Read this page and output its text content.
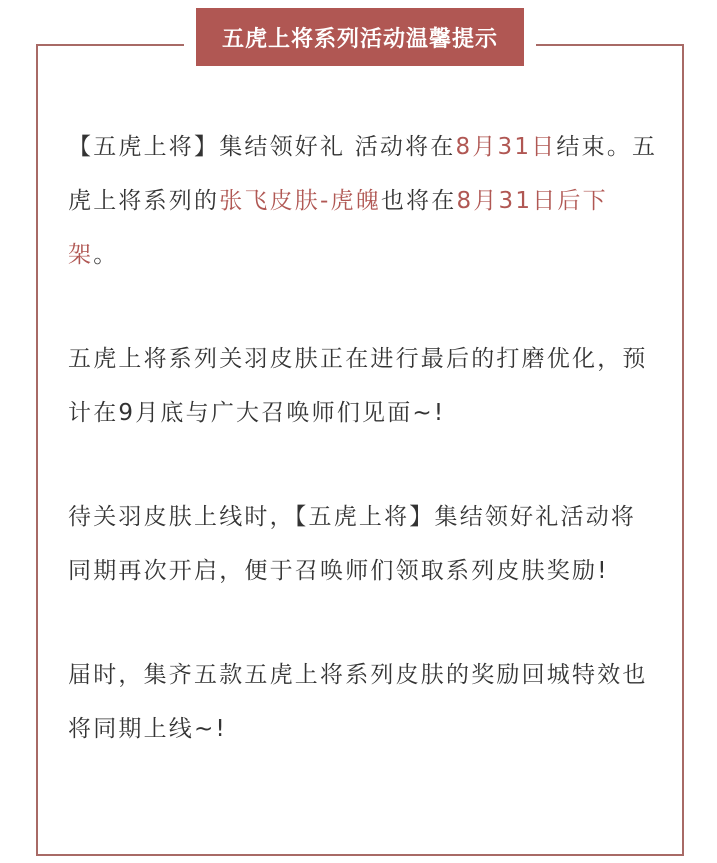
五虎上将系列活动温馨提示

【五虎上将】集结领好礼 活动将在8月31日结束。五虎上将系列的张飞皮肤-虎魄也将在8月31日后下架。

五虎上将系列关羽皮肤正在进行最后的打磨优化，预计在9月底与广大召唤师们见面~!

待关羽皮肤上线时，【五虎上将】集结领好礼活动将同期再次开启，便于召唤师们领取系列皮肤奖励!

届时，集齐五款五虎上将系列皮肤的奖励回城特效也将同期上线~!
